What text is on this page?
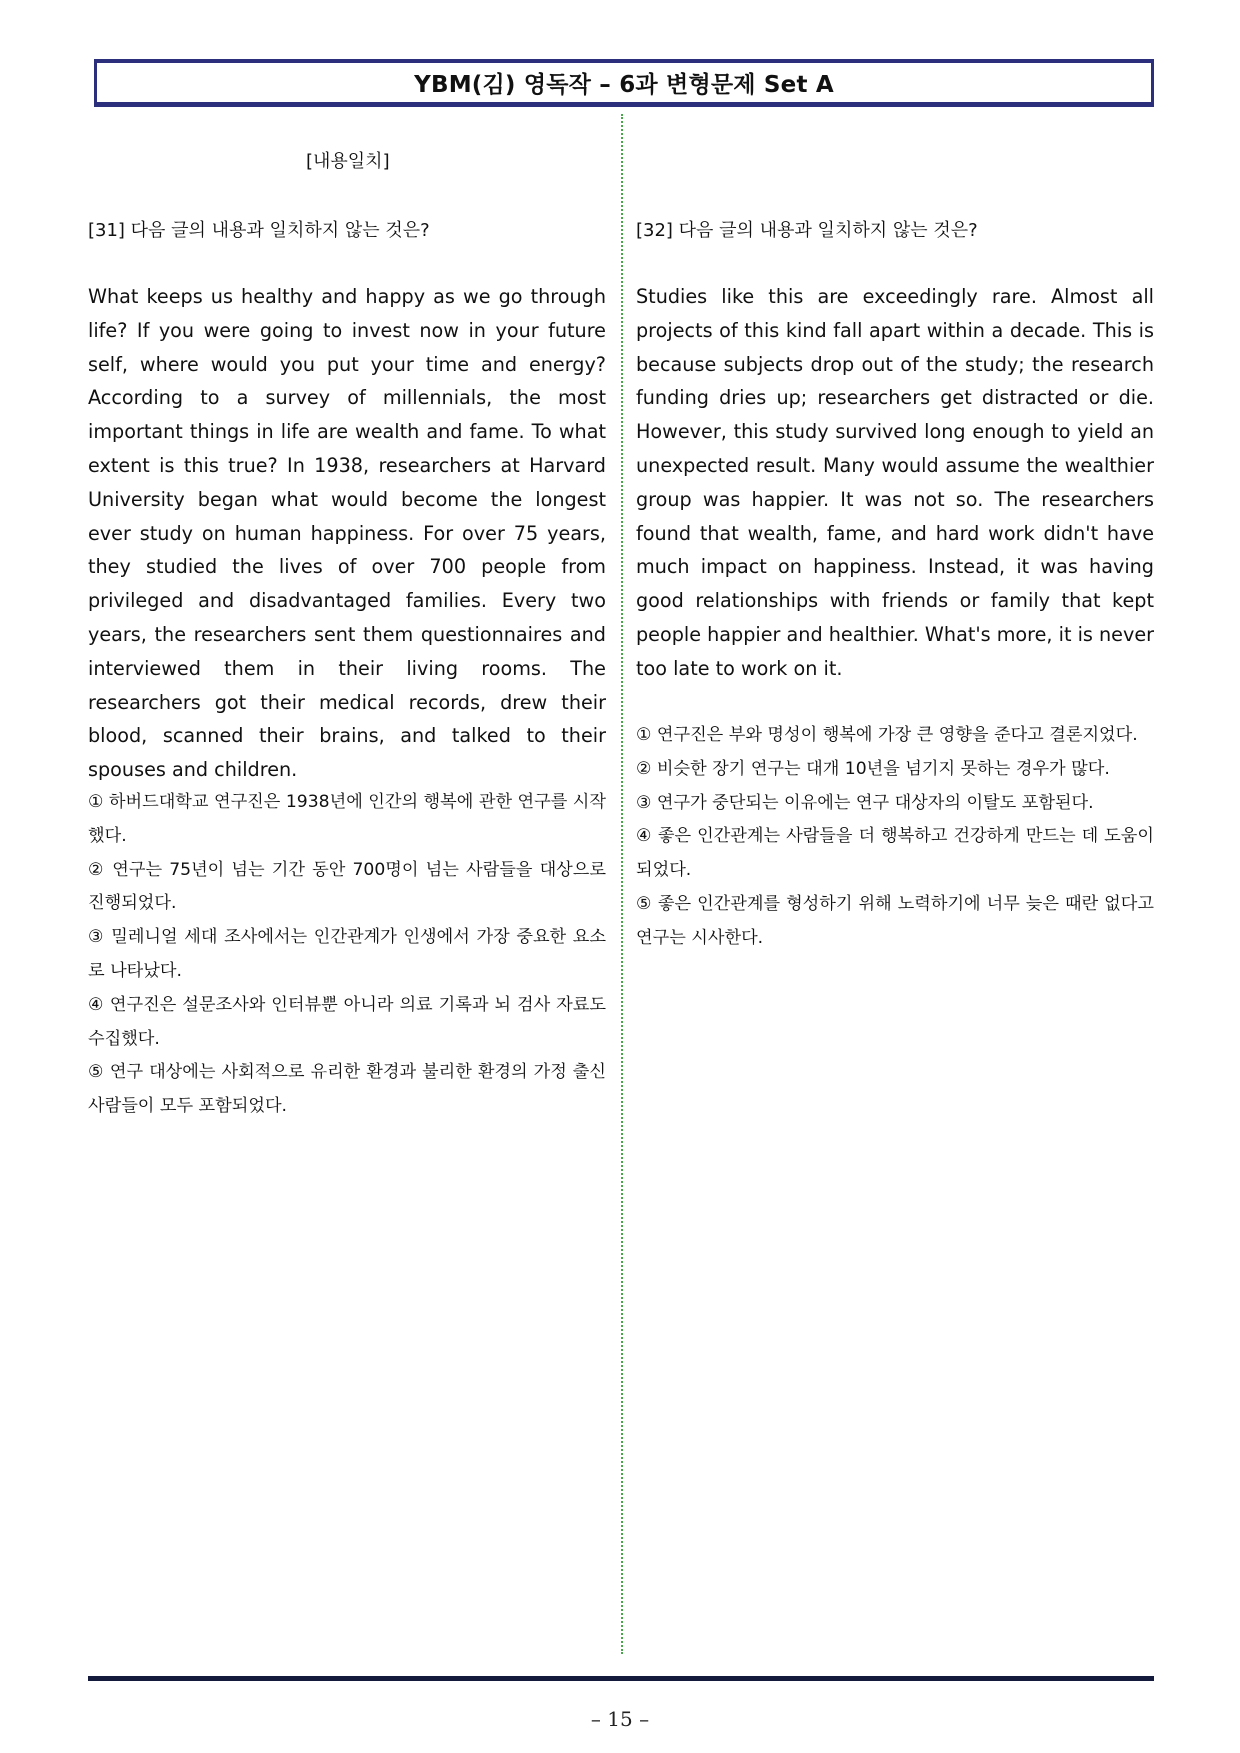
YBM(김) 영독작 – 6과 변형문제 Set A
[내용일치]
[31] 다음 글의 내용과 일치하지 않는 것은?

What keeps us healthy and happy as we go through life? If you were going to invest now in your future self, where would you put your time and energy? According to a survey of millennials, the most important things in life are wealth and fame. To what extent is this true? In 1938, researchers at Harvard University began what would become the longest ever study on human happiness. For over 75 years, they studied the lives of over 700 people from privileged and disadvantaged families. Every two years, the researchers sent them questionnaires and interviewed them in their living rooms. The researchers got their medical records, drew their blood, scanned their brains, and talked to their spouses and children.

① 하버드대학교 연구진은 1938년에 인간의 행복에 관한 연구를 시작했다.
② 연구는 75년이 넘는 기간 동안 700명이 넘는 사람들을 대상으로 진행되었다.
③ 밀레니얼 세대 조사에서는 인간관계가 인생에서 가장 중요한 요소로 나타났다.
④ 연구진은 설문조사와 인터뷰뿐 아니라 의료 기록과 뇌 검사 자료도 수집했다.
⑤ 연구 대상에는 사회적으로 유리한 환경과 불리한 환경의 가정 출신 사람들이 모두 포함되었다.
[32] 다음 글의 내용과 일치하지 않는 것은?

Studies like this are exceedingly rare. Almost all projects of this kind fall apart within a decade. This is because subjects drop out of the study; the research funding dries up; researchers get distracted or die. However, this study survived long enough to yield an unexpected result. Many would assume the wealthier group was happier. It was not so. The researchers found that wealth, fame, and hard work didn't have much impact on happiness. Instead, it was having good relationships with friends or family that kept people happier and healthier. What's more, it is never too late to work on it.

① 연구진은 부와 명성이 행복에 가장 큰 영향을 준다고 결론지었다.
② 비슷한 장기 연구는 대개 10년을 넘기지 못하는 경우가 많다.
③ 연구가 중단되는 이유에는 연구 대상자의 이탈도 포함된다.
④ 좋은 인간관계는 사람들을 더 행복하고 건강하게 만드는 데 도움이 되었다.
⑤ 좋은 인간관계를 형성하기 위해 노력하기에 너무 늦은 때란 없다고 연구는 시사한다.
– 15 –
